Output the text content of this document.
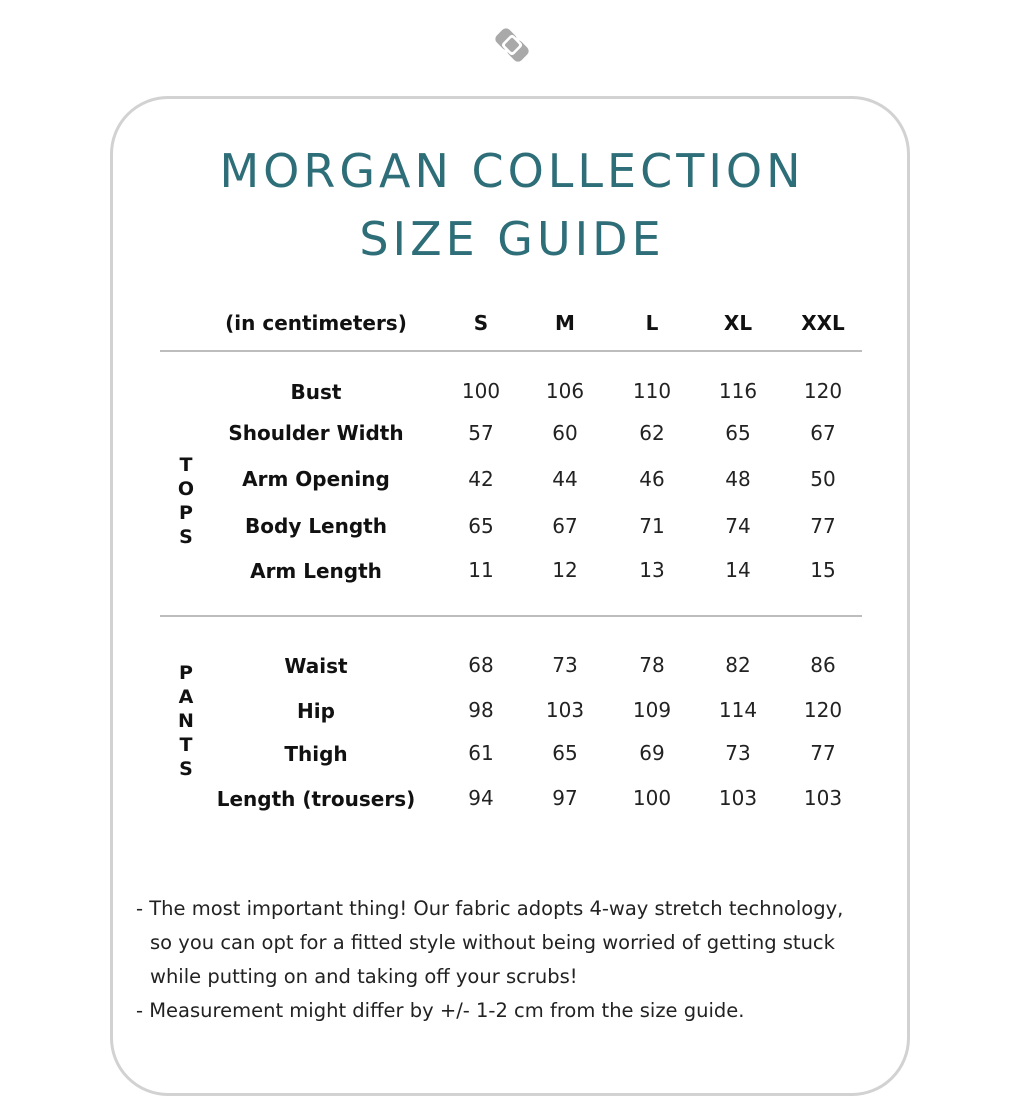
MORGAN COLLECTION
SIZE GUIDE
(in centimeters)	S	M	L	XL XXL
T
O
P
S
Bust	100 106 110 116 120
Shoulder Width	57	60	62	65	67
Arm Opening	42	44	46	48	50
Body Length	65	67	71	74	77
Arm Length	11	12	13	14	15
P
A
N
T
S
Waist	68	73	78	82	86
Hip	98	103 109 114 120
Thigh	61	65	69	73	77
Length (trousers)	94	97	100 103 103
- The most important thing! Our fabric adopts 4-way stretch technology,
so you can opt for a fitted style without being worried of getting stuck
while putting on and taking off your scrubs!
- Measurement might differ by +/- 1-2 cm from the size guide.
